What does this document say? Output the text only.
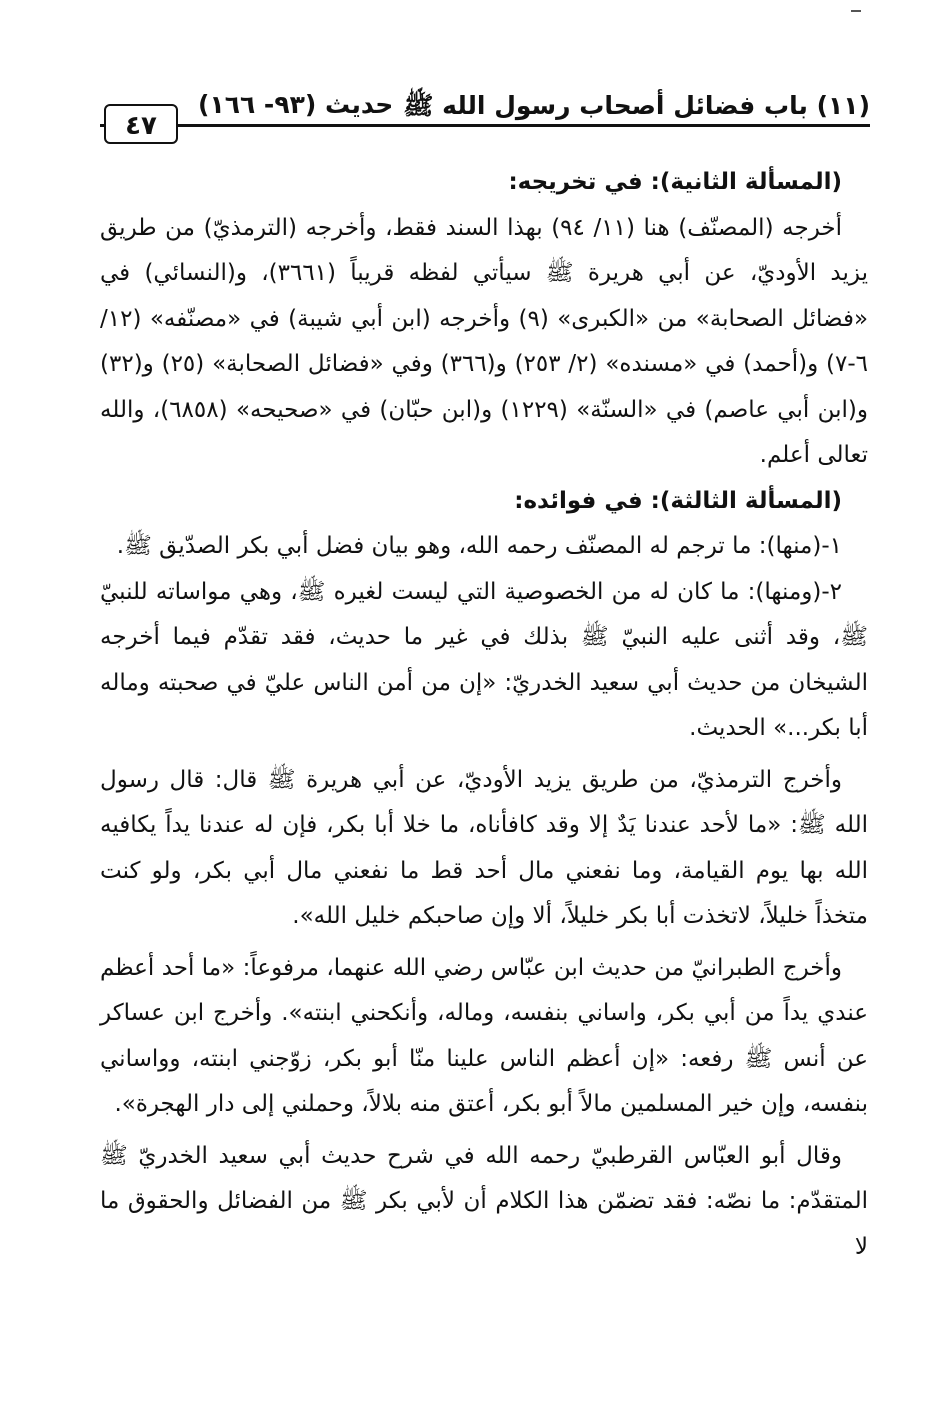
(١١) باب فضائل أصحاب رسول الله ﷺ
حديث (٩٣- ١٦٦)
٤٧

(المسألة الثانية): في تخريجه:

أخرجه (المصنّف) هنا (١١/ ٩٤) بهذا السند فقط، وأخرجه (الترمذيّ) من طريق يزيد الأوديّ، عن أبي هريرة ﷺ سيأتي لفظه قريباً (٣٦٦١)، و(النسائي) في «فضائل الصحابة» من «الكبرى» (٩) وأخرجه (ابن أبي شيبة) في «مصنّفه» (١٢/ ٦-٧) و(أحمد) في «مسنده» (٢/ ٢٥٣) و(٣٦٦) وفي «فضائل الصحابة» (٢٥) و(٣٢) و(ابن أبي عاصم) في «السنّة» (١٢٢٩) و(ابن حبّان) في «صحيحه» (٦٨٥٨)، والله تعالى أعلم.

(المسألة الثالثة): في فوائده:

١-(منها): ما ترجم له المصنّف رحمه الله، وهو بيان فضل أبي بكر الصدّيق ﷺ.

٢-(ومنها): ما كان له من الخصوصية التي ليست لغيره ﷺ، وهي مواساته للنبيّ ﷺ، وقد أثنى عليه النبيّ ﷺ بذلك في غير ما حديث، فقد تقدّم فيما أخرجه الشيخان من حديث أبي سعيد الخدريّ: «إن من أمن الناس عليّ في صحبته وماله أبا بكر...» الحديث.

وأخرج الترمذيّ، من طريق يزيد الأوديّ، عن أبي هريرة ﷺ قال: قال رسول الله ﷺ: «ما لأحد عندنا يَدٌ إلا وقد كافأناه، ما خلا أبا بكر، فإن له عندنا يداً يكافيه الله بها يوم القيامة، وما نفعني مال أحد قط ما نفعني مال أبي بكر، ولو كنت متخذاً خليلاً، لاتخذت أبا بكر خليلاً، ألا وإن صاحبكم خليل الله».

وأخرج الطبرانيّ من حديث ابن عبّاس رضي الله عنهما، مرفوعاً: «ما أحد أعظم عندي يداً من أبي بكر، واساني بنفسه، وماله، وأنكحني ابنته». وأخرج ابن عساكر عن أنس ﷺ رفعه: «إن أعظم الناس علينا منّا أبو بكر، زوّجني ابنته، وواساني بنفسه، وإن خير المسلمين مالاً أبو بكر، أعتق منه بلالاً، وحملني إلى دار الهجرة».

وقال أبو العبّاس القرطبيّ رحمه الله في شرح حديث أبي سعيد الخدريّ ﷺ المتقدّم: ما نصّه: فقد تضمّن هذا الكلام أن لأبي بكر ﷺ من الفضائل والحقوق ما لا
